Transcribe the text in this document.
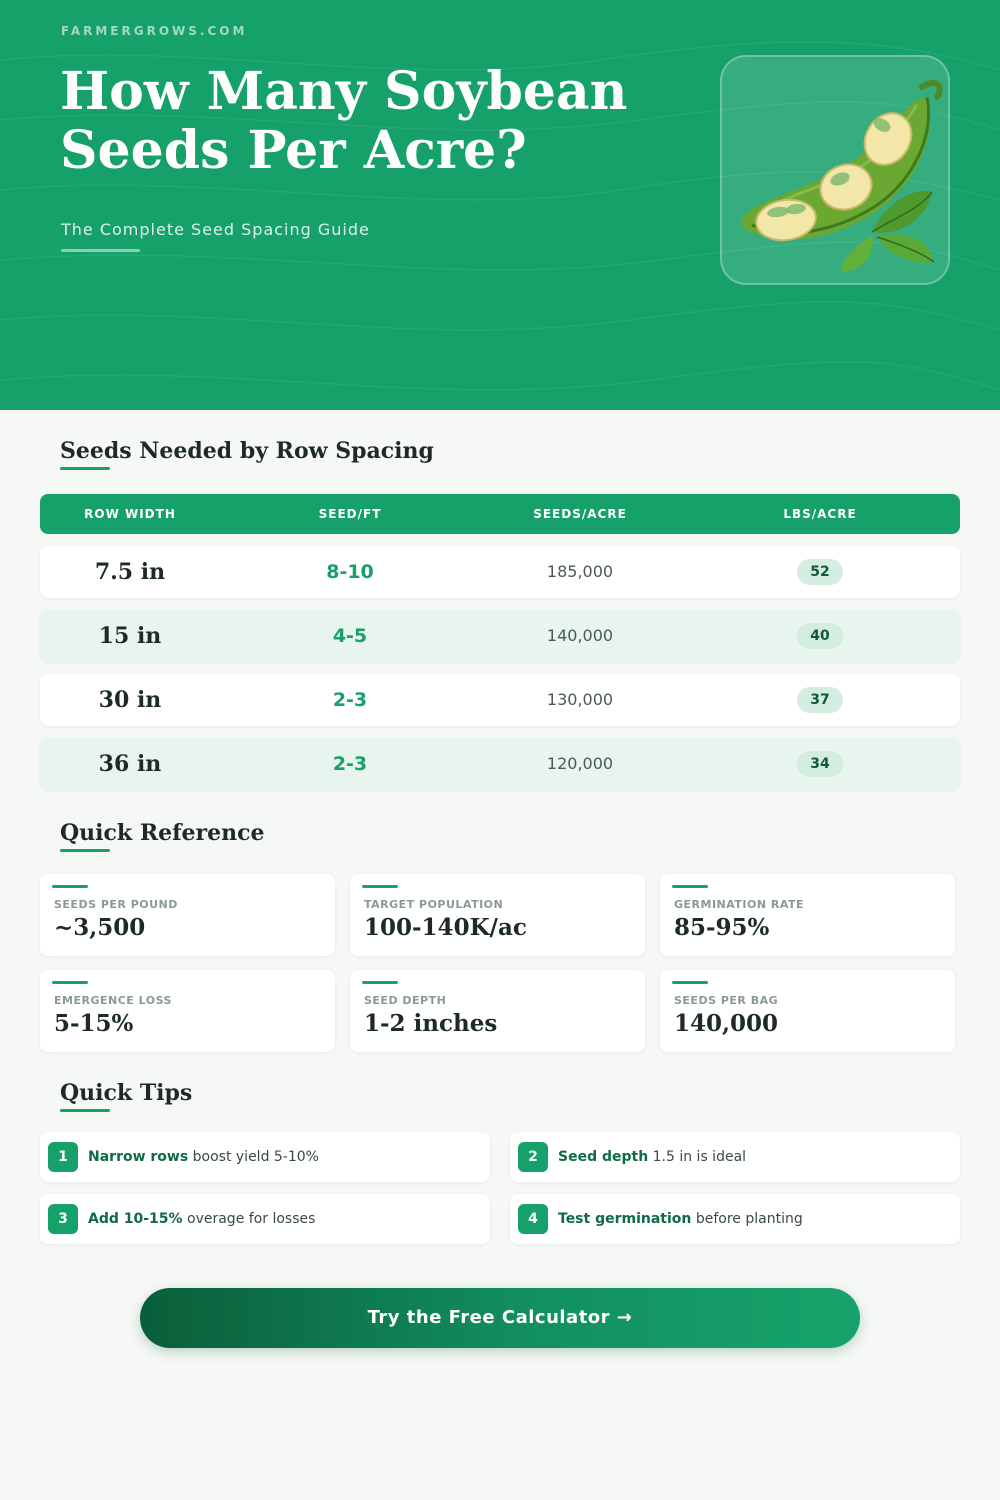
FARMERGROWS.COM
How Many Soybean Seeds Per Acre?
The Complete Seed Spacing Guide
Seeds Needed by Row Spacing
ROW WIDTH	SEED/FT	SEEDS/ACRE	LBS/ACRE
7.5 in	8-10	185,000	52
15 in	4-5	140,000	40
30 in	2-3	130,000	37
36 in	2-3	120,000	34
Quick Reference
SEEDS PER POUND
~3,500
TARGET POPULATION
100-140K/ac
GERMINATION RATE
85-95%
EMERGENCE LOSS
5-15%
SEED DEPTH
1-2 inches
SEEDS PER BAG
140,000
Quick Tips
1	Narrow rows boost yield 5-10%	2	Seed depth 1.5 in is ideal
3	Add 10-15% overage for losses	4	Test germination before planting
Try the Free Calculator →
